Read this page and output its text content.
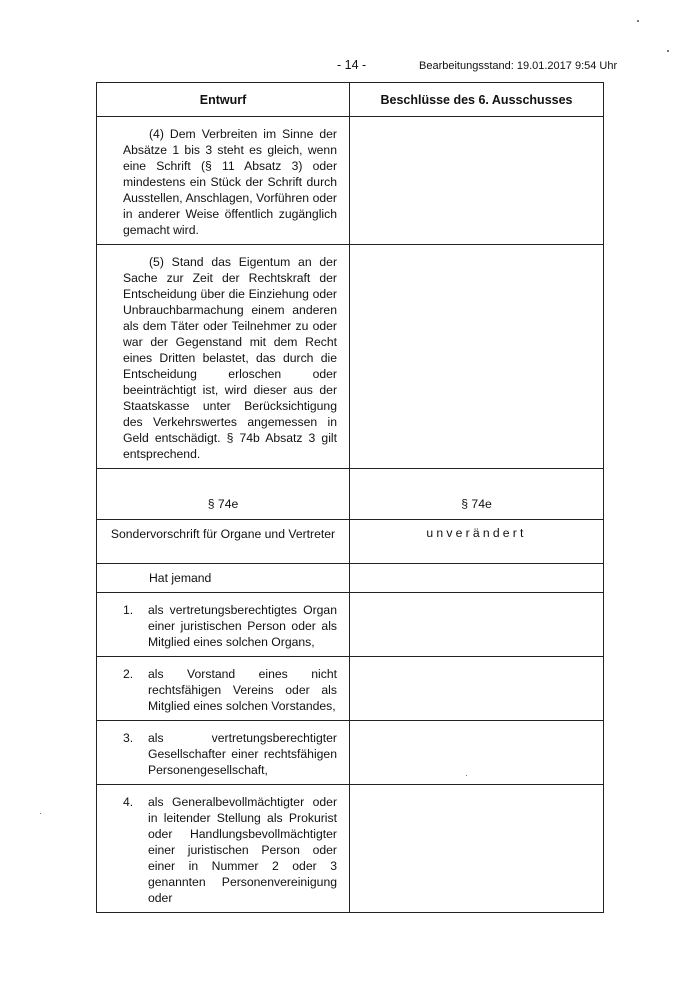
- 14 -	Bearbeitungsstand: 19.01.2017 9:54 Uhr
Entwurf	Beschlüsse des 6. Ausschusses

(4) Dem Verbreiten im Sinne der Absätze 1 bis 3 steht es gleich, wenn eine Schrift (§ 11 Absatz 3) oder mindestens ein Stück der Schrift durch Ausstellen, Anschlagen, Vorführen oder in anderer Weise öffentlich zugänglich gemacht wird.	

(5) Stand das Eigentum an der Sache zur Zeit der Rechtskraft der Entscheidung über die Einziehung oder Unbrauchbarmachung einem anderen als dem Täter oder Teilnehmer zu oder war der Gegenstand mit dem Recht eines Dritten belastet, das durch die Entscheidung erloschen oder beeinträchtigt ist, wird dieser aus der Staatskasse unter Berücksichtigung des Verkehrswertes angemessen in Geld entschädigt. § 74b Absatz 3 gilt entsprechend.	

§ 74e	§ 74e

Sondervorschrift für Organe und Vertreter	unverändert

Hat jemand	

1. als vertretungsberechtigtes Organ einer juristischen Person oder als Mitglied eines solchen Organs,	

2. als Vorstand eines nicht rechtsfähigen Vereins oder als Mitglied eines solchen Vorstandes,	

3. als vertretungsberechtigter Gesellschafter einer rechtsfähigen Personengesellschaft,	

4. als Generalbevollmächtigter oder in leitender Stellung als Prokurist oder Handlungsbevollmächtigter einer juristischen Person oder einer in Nummer 2 oder 3 genannten Personenvereinigung oder	
